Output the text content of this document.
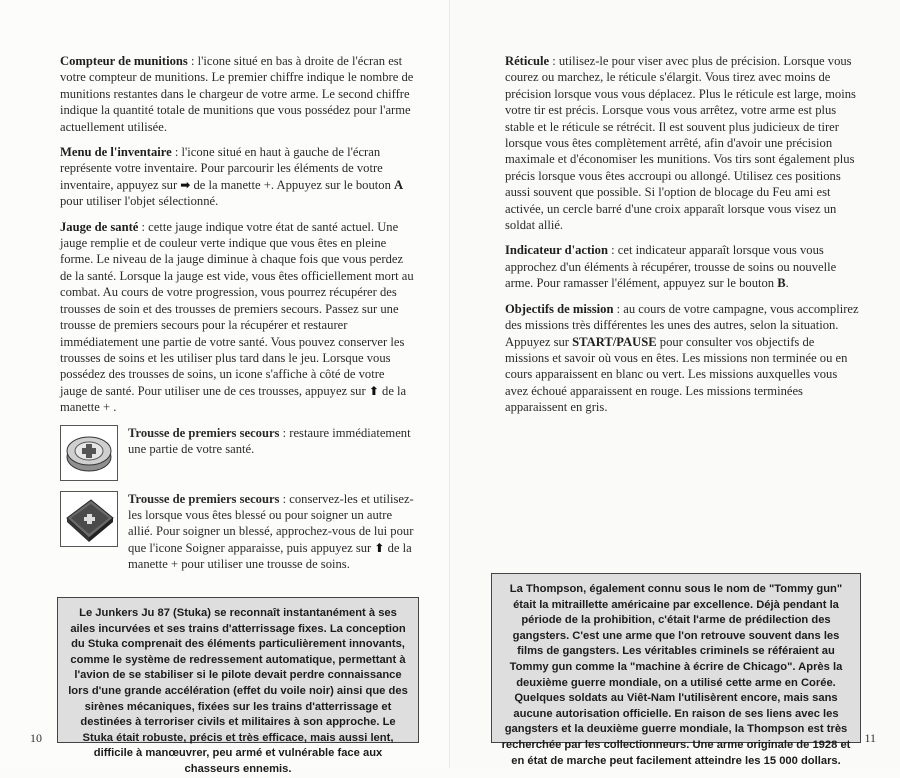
Compteur de munitions : l'icone situé en bas à droite de l'écran est votre compteur de munitions. Le premier chiffre indique le nombre de munitions restantes dans le chargeur de votre arme. Le second chiffre indique la quantité totale de munitions que vous possédez pour l'arme actuellement utilisée.

Menu de l'inventaire : l'icone situé en haut à gauche de l'écran représente votre inventaire. Pour parcourir les éléments de votre inventaire, appuyez sur ➡ de la manette +. Appuyez sur le bouton A pour utiliser l'objet sélectionné.

Jauge de santé : cette jauge indique votre état de santé actuel. Une jauge remplie et de couleur verte indique que vous êtes en pleine forme. Le niveau de la jauge diminue à chaque fois que vous perdez de la santé. Lorsque la jauge est vide, vous êtes officiellement mort au combat. Au cours de votre progression, vous pourrez récupérer des trousses de soin et des trousses de premiers secours. Passez sur une trousse de premiers secours pour la récupérer et restaurer immédiatement une partie de votre santé. Vous pouvez conserver les trousses de soins et les utiliser plus tard dans le jeu. Lorsque vous possédez des trousses de soins, un icone s'affiche à côté de votre jauge de santé. Pour utiliser une de ces trousses, appuyez sur ⬆ de la manette + .

Trousse de premiers secours : restaure immédiatement une partie de votre santé.
Trousse de premiers secours : conservez-les et utilisez-les lorsque vous êtes blessé ou pour soigner un autre allié. Pour soigner un blessé, approchez-vous de lui pour que l'icone Soigner apparaisse, puis appuyez sur ⬆ de la manette + pour utiliser une trousse de soins.
Le Junkers Ju 87 (Stuka) se reconnaît instantanément à ses ailes incurvées et ses trains d'atterrissage fixes. La conception du Stuka comprenait des éléments particulièrement innovants, comme le système de redressement automatique, permettant à l'avion de se stabiliser si le pilote devait perdre connaissance lors d'une grande accélération (effet du voile noir) ainsi que des sirènes mécaniques, fixées sur les trains d'atterrissage et destinées à terroriser civils et militaires à son approche. Le Stuka était robuste, précis et très efficace, mais aussi lent, difficile à manœuvrer, peu armé et vulnérable face aux chasseurs ennemis.
10

Réticule : utilisez-le pour viser avec plus de précision. Lorsque vous courez ou marchez, le réticule s'élargit. Vous tirez avec moins de précision lorsque vous vous déplacez. Plus le réticule est large, moins votre tir est précis. Lorsque vous vous arrêtez, votre arme est plus stable et le réticule se rétrécit. Il est souvent plus judicieux de tirer lorsque vous êtes complètement arrêté, afin d'avoir une précision maximale et d'économiser les munitions. Vos tirs sont également plus précis lorsque vous êtes accroupi ou allongé. Utilisez ces positions aussi souvent que possible. Si l'option de blocage du Feu ami est activée, un cercle barré d'une croix apparaît lorsque vous visez un soldat allié.

Indicateur d'action : cet indicateur apparaît lorsque vous vous approchez d'un éléments à récupérer, trousse de soins ou nouvelle arme. Pour ramasser l'élément, appuyez sur le bouton B.

Objectifs de mission : au cours de votre campagne, vous accomplirez des missions très différentes les unes des autres, selon la situation. Appuyez sur START/PAUSE pour consulter vos objectifs de missions et savoir où vous en êtes. Les missions non terminée ou en cours apparaissent en blanc ou vert. Les missions auxquelles vous avez échoué apparaissent en rouge. Les missions terminées apparaissent en gris.

La Thompson, également connu sous le nom de "Tommy gun" était la mitraillette américaine par excellence. Déjà pendant la période de la prohibition, c'était l'arme de prédilection des gangsters. C'est une arme que l'on retrouve souvent dans les films de gangsters. Les véritables criminels se référaient au Tommy gun comme la "machine à écrire de Chicago". Après la deuxième guerre mondiale, on a utilisé cette arme en Corée. Quelques soldats au Viêt-Nam l'utilisèrent encore, mais sans aucune autorisation officielle. En raison de ses liens avec les gangsters et la deuxième guerre mondiale, la Thompson est très recherchée par les collectionneurs. Une arme originale de 1928 et en état de marche peut facilement atteindre les 15 000 dollars.
11
